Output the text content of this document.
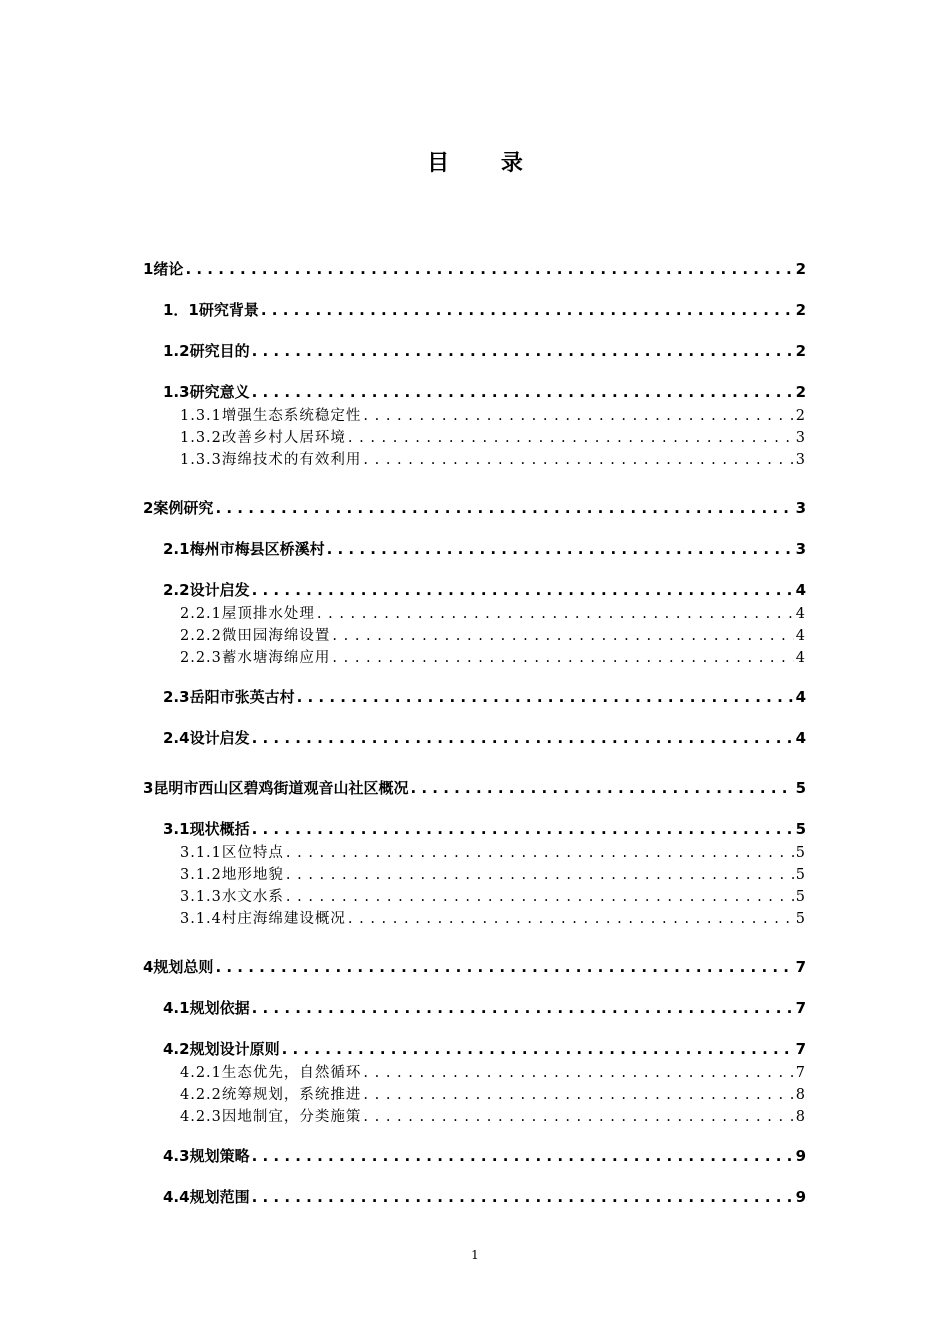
目 录
1绪论 . . .	2
1．1研究背景 . . .	2
1.2研究目的 . . .	2
1.3研究意义 . . .	2
1.3.1增强生态系统稳定性 . . .	2
1.3.2改善乡村人居环境 . . .	3
1.3.3海绵技术的有效利用 . . .	3
2案例研究 . . .	3
2.1梅州市梅县区桥溪村 . . .	3
2.2设计启发 . . .	4
2.2.1屋顶排水处理 . . .	4
2.2.2微田园海绵设置 . . .	4
2.2.3蓄水塘海绵应用 . . .	4
2.3岳阳市张英古村 . . .	4
2.4设计启发 . . .	4
3昆明市西山区碧鸡街道观音山社区概况 . . .	5
3.1现状概括 . . .	5
3.1.1区位特点 . . .	5
3.1.2地形地貌 . . .	5
3.1.3水文水系 . . .	5
3.1.4村庄海绵建设概况 . . .	5
4规划总则 . . .	7
4.1规划依据 . . .	7
4.2规划设计原则 . . .	7
4.2.1生态优先，自然循环 . . .	7
4.2.2统筹规划，系统推进 . . .	8
4.2.3因地制宜，分类施策 . . .	8
4.3规划策略 . . .	9
4.4规划范围 . . .	9
1
